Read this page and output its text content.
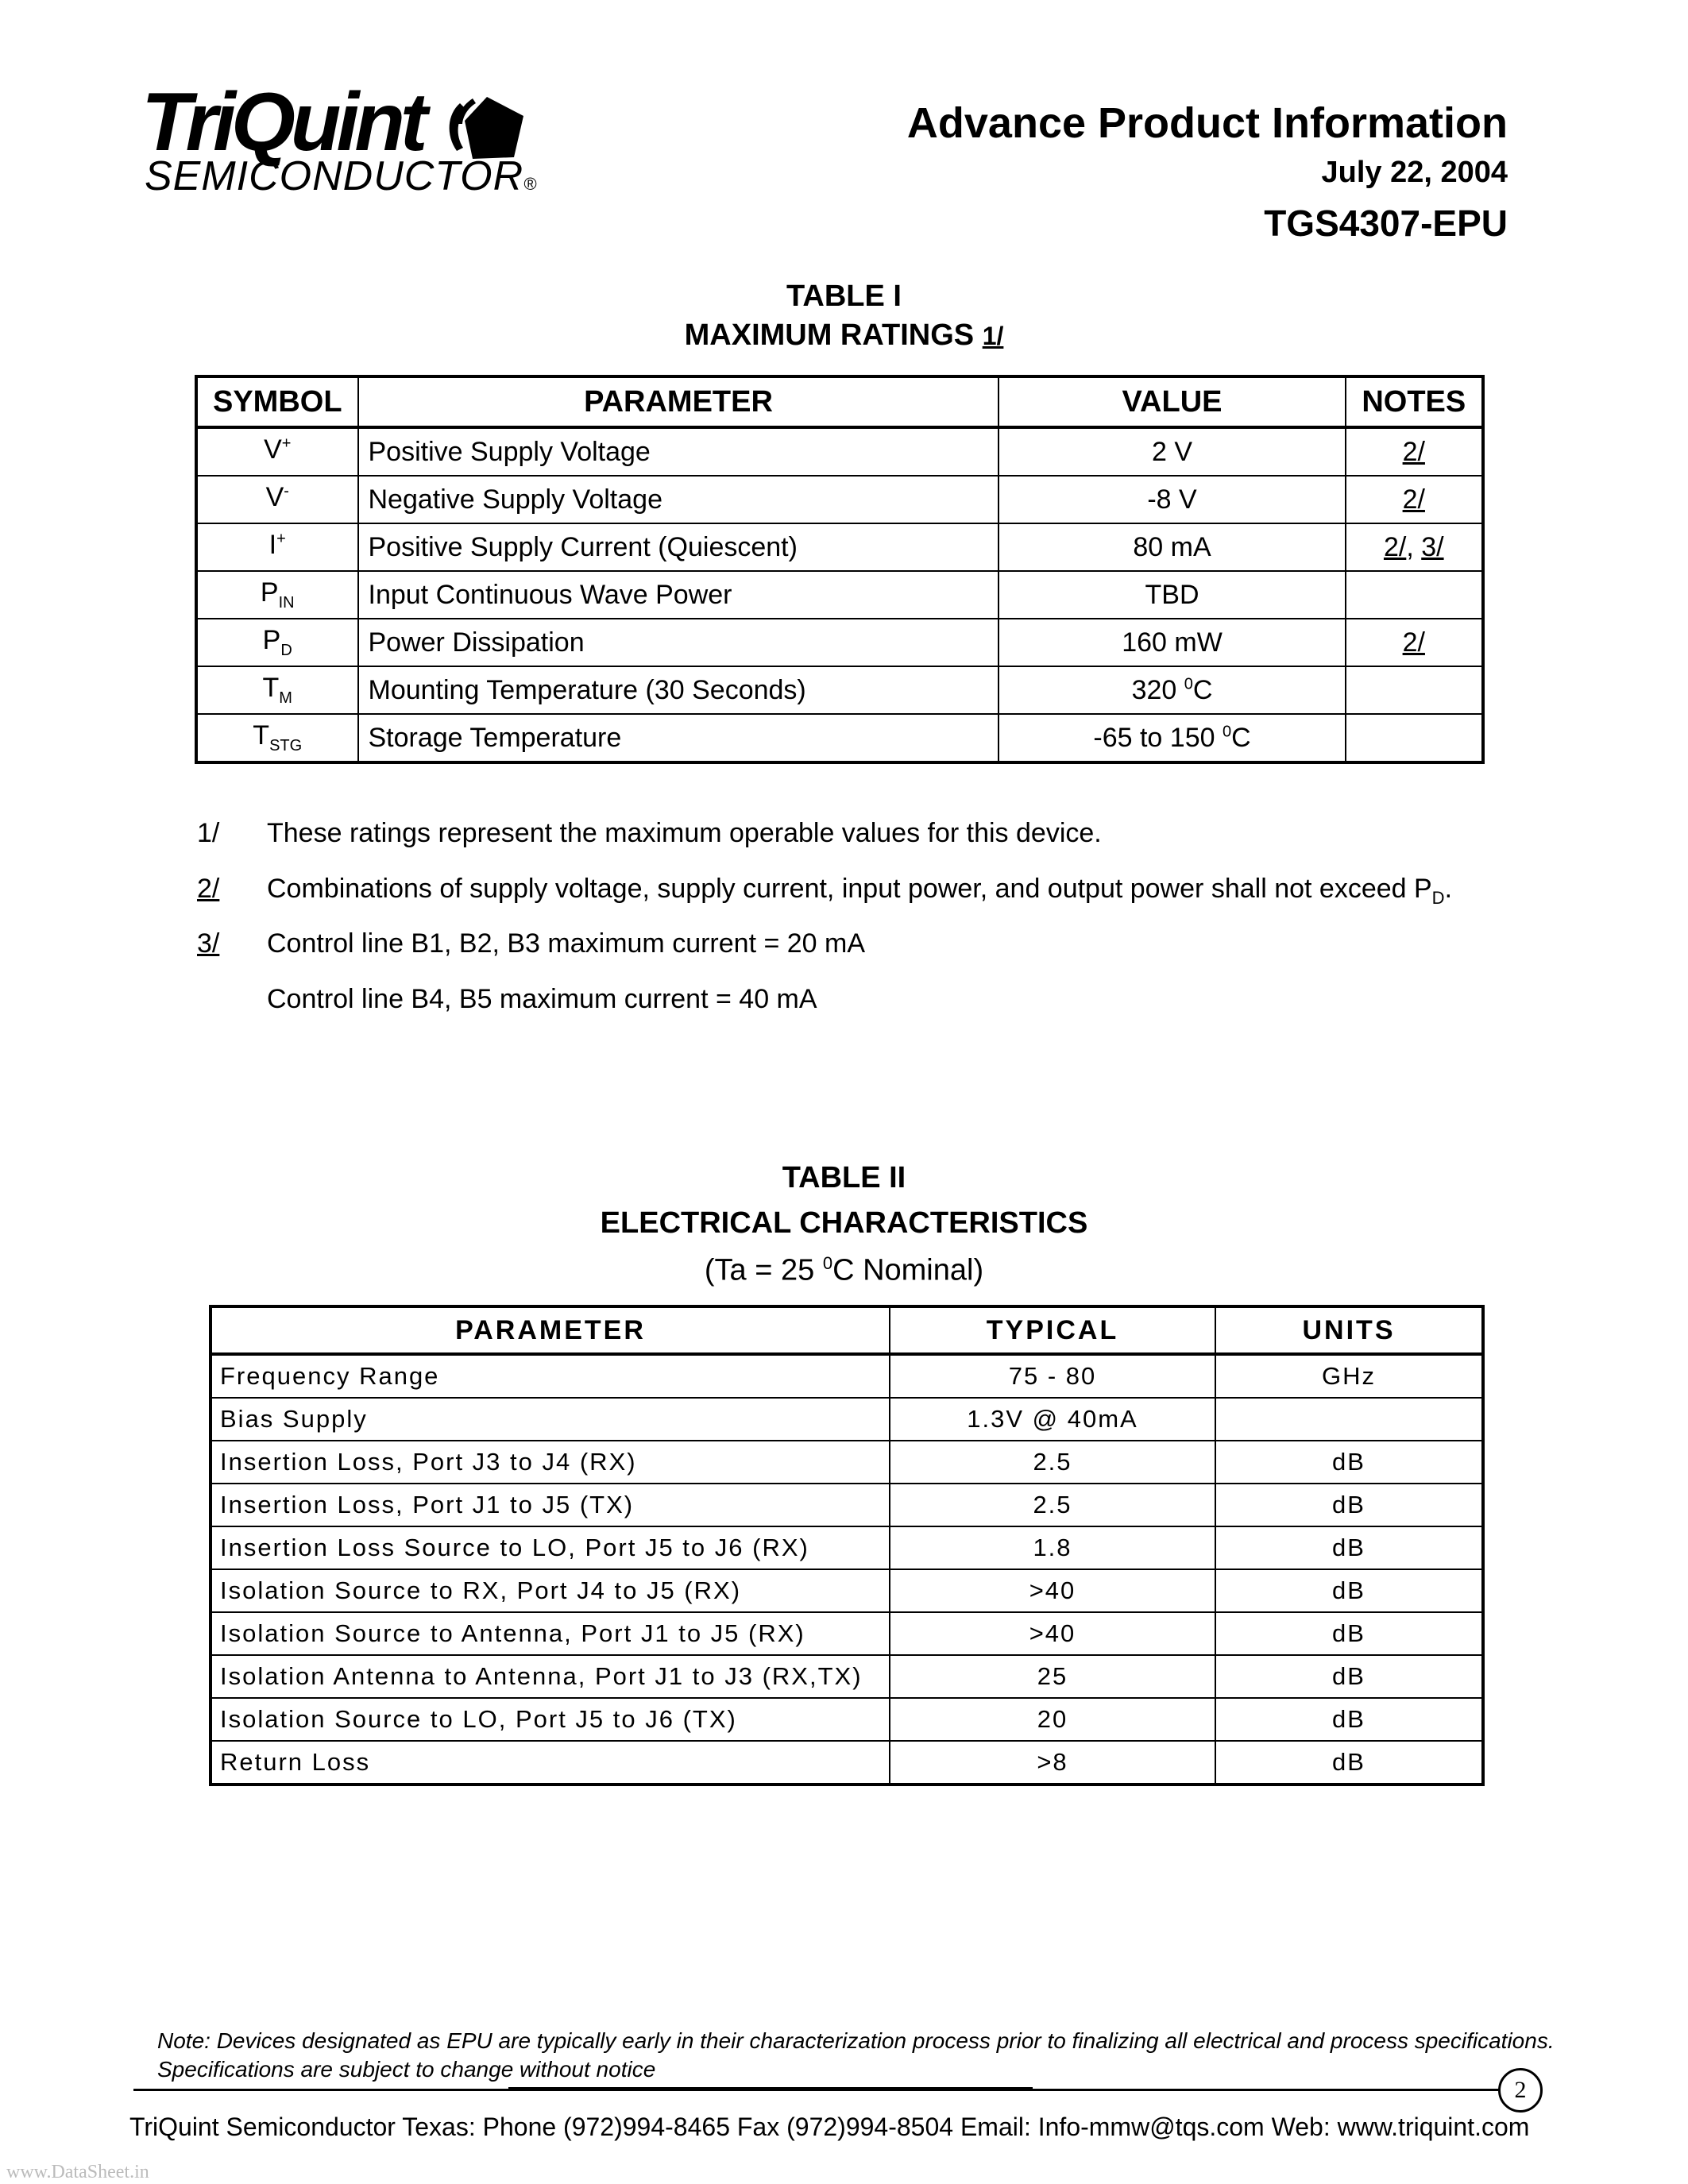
TriQuint
SEMICONDUCTOR®
Advance Product Information
July 22, 2004
TGS4307-EPU
TABLE I
MAXIMUM RATINGS 1/
SYMBOL	PARAMETER	VALUE	NOTES
V+	Positive Supply Voltage	2 V	2/
V-	Negative Supply Voltage	-8 V	2/
I+	Positive Supply Current (Quiescent)	80 mA	2/, 3/
$P_{IN}$	Input Continuous Wave Power	TBD	
$P_D$	Power Dissipation	160 mW	2/
$T_M$	Mounting Temperature (30 Seconds)	320 $^0$C	
$T_{STG}$	Storage Temperature	-65 to 150 $^0$C	
1/ These ratings represent the maximum operable values for this device.
2/ Combinations of supply voltage, supply current, input power, and output power shall not exceed $P_D$.
3/ Control line B1, B2, B3 maximum current = 20 mA
Control line B4, B5 maximum current = 40 mA
TABLE II
ELECTRICAL CHARACTERISTICS
(Ta = 25 $^0$C Nominal)
PARAMETER	TYPICAL	UNITS
Frequency Range	75 - 80	GHz
Bias Supply	1.3V @ 40mA	
Insertion Loss, Port J3 to J4 (RX)	2.5	dB
Insertion Loss, Port J1 to J5 (TX)	2.5	dB
Insertion Loss Source to LO, Port J5 to J6 (RX)	1.8	dB
Isolation Source to RX, Port J4 to J5 (RX)	>40	dB
Isolation Source to Antenna, Port J1 to J5 (RX)	>40	dB
Isolation Antenna to Antenna, Port J1 to J3 (RX,TX)	25	dB
Isolation Source to LO, Port J5 to J6 (TX)	20	dB
Return Loss	>8	dB
Note: Devices designated as EPU are typically early in their characterization process prior to finalizing all electrical and process specifications.
Specifications are subject to change without notice
2
TriQuint Semiconductor Texas: Phone (972)994-8465 Fax (972)994-8504 Email: Info-mmw@tqs.com Web: www.triquint.com
www.DataSheet.in
